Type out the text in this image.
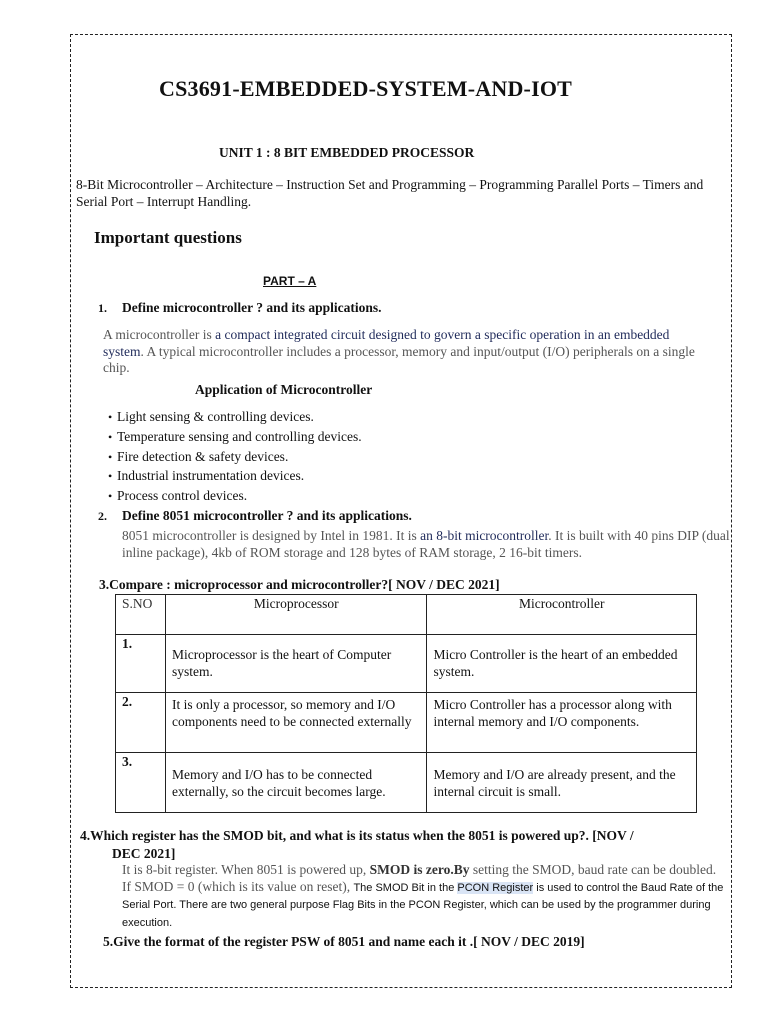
CS3691-EMBEDDED-SYSTEM-AND-IOT
UNIT 1 : 8 BIT EMBEDDED PROCESSOR
8-Bit Microcontroller – Architecture – Instruction Set and Programming – Programming Parallel Ports – Timers and Serial Port – Interrupt Handling.
Important questions
PART – A
1. Define microcontroller ? and its applications.
A microcontroller is a compact integrated circuit designed to govern a specific operation in an embedded system. A typical microcontroller includes a processor, memory and input/output (I/O) peripherals on a single chip.
Application of Microcontroller
• Light sensing & controlling devices.
• Temperature sensing and controlling devices.
• Fire detection & safety devices.
• Industrial instrumentation devices.
• Process control devices.
2. Define 8051 microcontroller ? and its applications.
8051 microcontroller is designed by Intel in 1981. It is an 8-bit microcontroller. It is built with 40 pins DIP (dual inline package), 4kb of ROM storage and 128 bytes of RAM storage, 2 16-bit timers.
3.Compare : microprocessor and microcontroller?[ NOV / DEC 2021]
S.NO	Microprocessor	Microcontroller
1.	Microprocessor is the heart of Computer system.	Micro Controller is the heart of an embedded system.

2.	It is only a processor, so memory and I/O components need to be connected externally	Micro Controller has a processor along with internal memory and I/O components.

3.	Memory and I/O has to be connected externally, so the circuit becomes large.	Memory and I/O are already present, and the internal circuit is small.
4.Which register has the SMOD bit, and what is its status when the 8051 is powered up?. [NOV /
DEC 2021]
It is 8-bit register. When 8051 is powered up, SMOD is zero.By setting the SMOD, baud rate can be doubled. If SMOD = 0 (which is its value on reset), The SMOD Bit in the PCON Register is used to control the Baud Rate of the Serial Port. There are two general purpose Flag Bits in the PCON Register, which can be used by the programmer during execution.
5.Give the format of the register PSW of 8051 and name each it .[ NOV / DEC 2019]
